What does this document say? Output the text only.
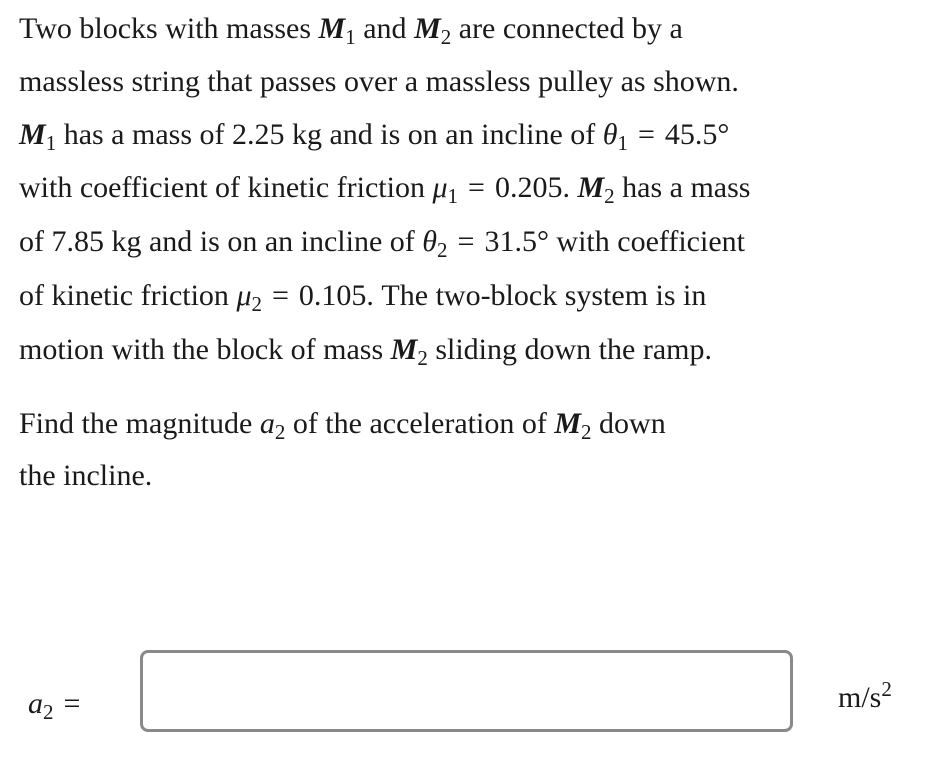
Two blocks with masses $M_1$ and $M_2$ are connected by a
massless string that passes over a massless pulley as shown.
$M_1$ has a mass of 2.25 kg and is on an incline of $\theta_1 = 45.5^\circ$
with coefficient of kinetic friction $\mu_1 = 0.205$. $M_2$ has a mass
of 7.85 kg and is on an incline of $\theta_2 = 31.5^\circ$ with coefficient
of kinetic friction $\mu_2 = 0.105$. The two-block system is in
motion with the block of mass $M_2$ sliding down the ramp.
Find the magnitude $a_2$ of the acceleration of $M_2$ down
the incline.
$a_2$ =	$m/s^2$
